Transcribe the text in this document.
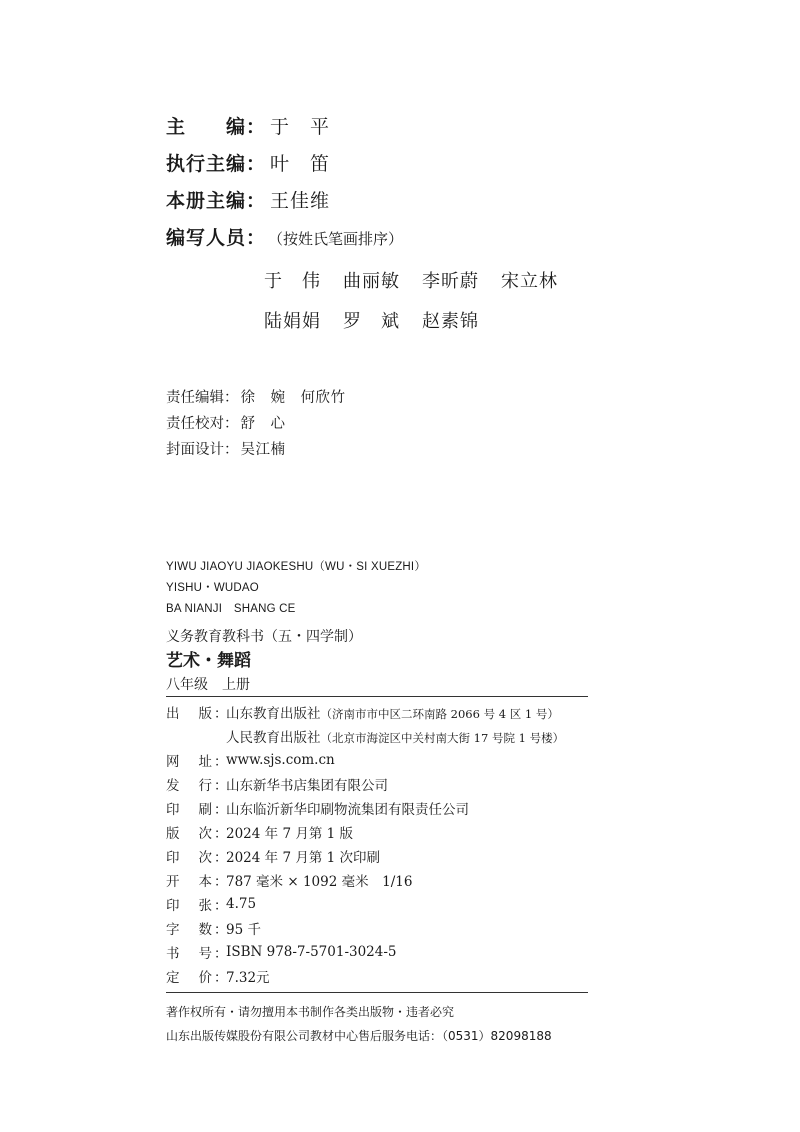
主　　编 ： 于　平
执行主编 ： 叶　笛
本册主编 ： 王佳维
编写人员 ： （按姓氏笔画排序）
于　伟 曲丽敏 李昕蔚 宋立林
陆娟娟 罗　斌 赵素锦
责任编辑： 徐　婉　何欣竹
责任校对： 舒　心
封面设计： 吴江楠
YIWU JIAOYU JIAOKESHU（WU・SI XUEZHI）
YISHU・WUDAO
BA NIANJI　SHANG CE
义务教育教科书（五・四学制）
艺术・舞蹈
八年级　上册
出 版 ：
山东教育出版社（济南市市中区二环南路 2066 号 4 区 1 号）
人民教育出版社（北京市海淀区中关村南大街 17 号院 1 号楼）
网 址 ：
www.sjs.com.cn
发 行 ：
山东新华书店集团有限公司
印 刷 ：
山东临沂新华印刷物流集团有限责任公司
版 次 ：
2024 年 7 月第 1 版
印 次 ：
2024 年 7 月第 1 次印刷
开 本 ：
787 毫米 × 1092 毫米　1/16
印 张 ：
4.75
字 数 ：
95 千
书 号 ：
ISBN 978-7-5701-3024-5
定 价 ：
7.32元
著作权所有・请勿擅用本书制作各类出版物・违者必究
山东出版传媒股份有限公司教材中心售后服务电话：（0531）82098188
